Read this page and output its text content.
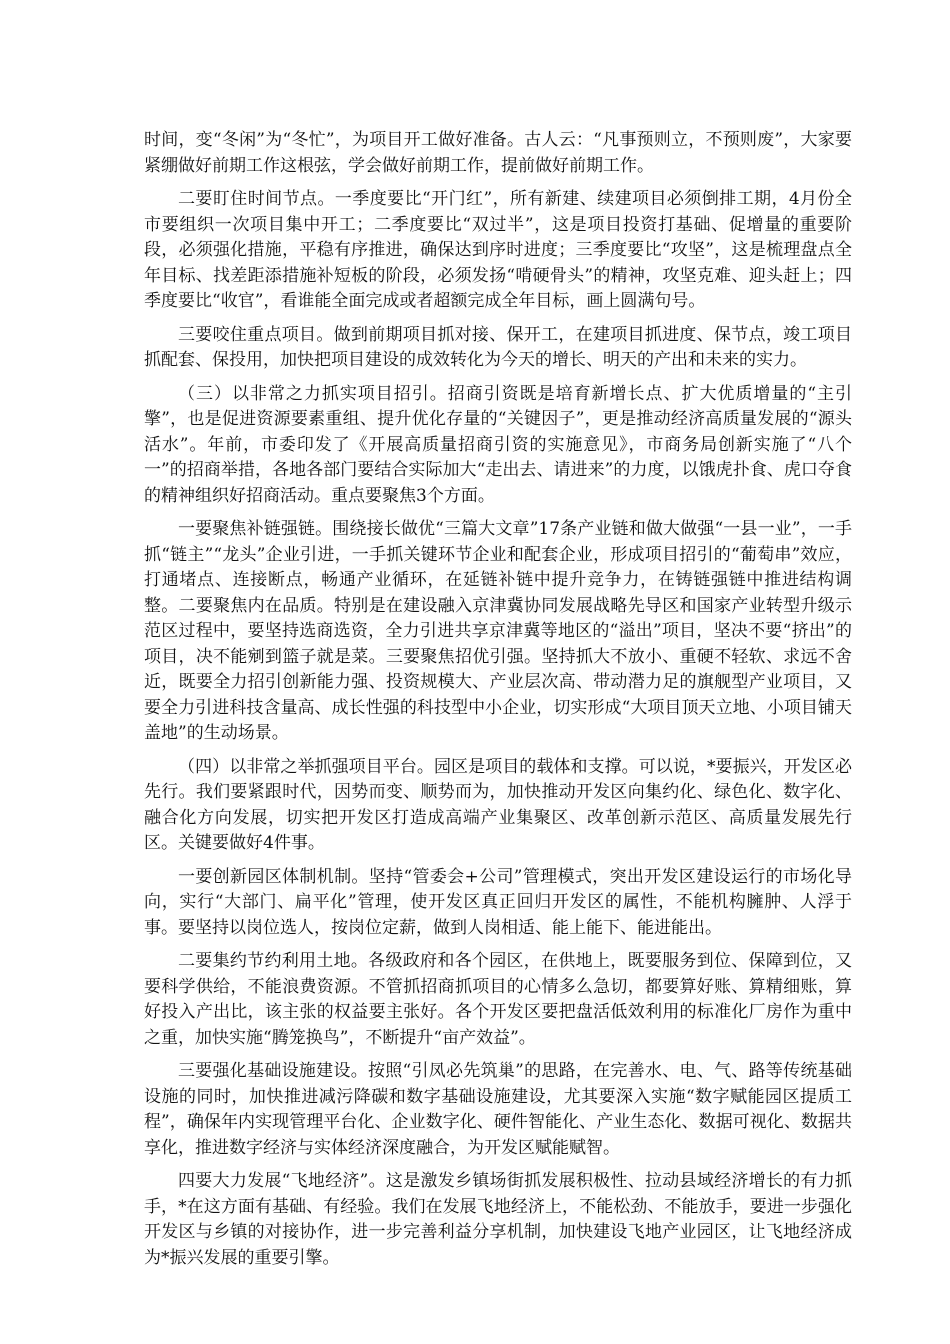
时间，变“冬闲”为“冬忙”，为项目开工做好准备。古人云：“凡事预则立，不预则废”，大家要紧绷做好前期工作这根弦，学会做好前期工作，提前做好前期工作。

二要盯住时间节点。一季度要比“开门红”，所有新建、续建项目必须倒排工期，4月份全市要组织一次项目集中开工；二季度要比“双过半”，这是项目投资打基础、促增量的重要阶段，必须强化措施，平稳有序推进，确保达到序时进度；三季度要比“攻坚”，这是梳理盘点全年目标、找差距添措施补短板的阶段，必须发扬“啃硬骨头”的精神，攻坚克难、迎头赶上；四季度要比“收官”，看谁能全面完成或者超额完成全年目标，画上圆满句号。

三要咬住重点项目。做到前期项目抓对接、保开工，在建项目抓进度、保节点，竣工项目抓配套、保投用，加快把项目建设的成效转化为今天的增长、明天的产出和未来的实力。

（三）以非常之力抓实项目招引。招商引资既是培育新增长点、扩大优质增量的“主引擎”，也是促进资源要素重组、提升优化存量的“关键因子”，更是推动经济高质量发展的“源头活水”。年前，市委印发了《开展高质量招商引资的实施意见》，市商务局创新实施了“八个一”的招商举措，各地各部门要结合实际加大“走出去、请进来”的力度，以饿虎扑食、虎口夺食的精神组织好招商活动。重点要聚焦3个方面。

一要聚焦补链强链。围绕接长做优“三篇大文章”17条产业链和做大做强“一县一业”，一手抓“链主”“龙头”企业引进，一手抓关键环节企业和配套企业，形成项目招引的“葡萄串”效应，打通堵点、连接断点，畅通产业循环，在延链补链中提升竞争力，在铸链强链中推进结构调整。二要聚焦内在品质。特别是在建设融入京津冀协同发展战略先导区和国家产业转型升级示范区过程中，要坚持选商选资，全力引进共享京津冀等地区的“溢出”项目，坚决不要“挤出”的项目，决不能剜到篮子就是菜。三要聚焦招优引强。坚持抓大不放小、重硬不轻软、求远不舍近，既要全力招引创新能力强、投资规模大、产业层次高、带动潜力足的旗舰型产业项目，又要全力引进科技含量高、成长性强的科技型中小企业，切实形成“大项目顶天立地、小项目铺天盖地”的生动场景。

（四）以非常之举抓强项目平台。园区是项目的载体和支撑。可以说，*要振兴，开发区必先行。我们要紧跟时代，因势而变、顺势而为，加快推动开发区向集约化、绿色化、数字化、融合化方向发展，切实把开发区打造成高端产业集聚区、改革创新示范区、高质量发展先行区。关键要做好4件事。

一要创新园区体制机制。坚持“管委会+公司”管理模式，突出开发区建设运行的市场化导向，实行“大部门、扁平化”管理，使开发区真正回归开发区的属性，不能机构臃肿、人浮于事。要坚持以岗位选人，按岗位定薪，做到人岗相适、能上能下、能进能出。

二要集约节约利用土地。各级政府和各个园区，在供地上，既要服务到位、保障到位，又要科学供给，不能浪费资源。不管抓招商抓项目的心情多么急切，都要算好账、算精细账，算好投入产出比，该主张的权益要主张好。各个开发区要把盘活低效利用的标准化厂房作为重中之重，加快实施“腾笼换鸟”，不断提升“亩产效益”。

三要强化基础设施建设。按照“引凤必先筑巢”的思路，在完善水、电、气、路等传统基础设施的同时，加快推进减污降碳和数字基础设施建设，尤其要深入实施“数字赋能园区提质工程”，确保年内实现管理平台化、企业数字化、硬件智能化、产业生态化、数据可视化、数据共享化，推进数字经济与实体经济深度融合，为开发区赋能赋智。

四要大力发展“飞地经济”。这是激发乡镇场街抓发展积极性、拉动县域经济增长的有力抓手，*在这方面有基础、有经验。我们在发展飞地经济上，不能松劲、不能放手，要进一步强化开发区与乡镇的对接协作，进一步完善利益分享机制，加快建设飞地产业园区，让飞地经济成为*振兴发展的重要引擎。
